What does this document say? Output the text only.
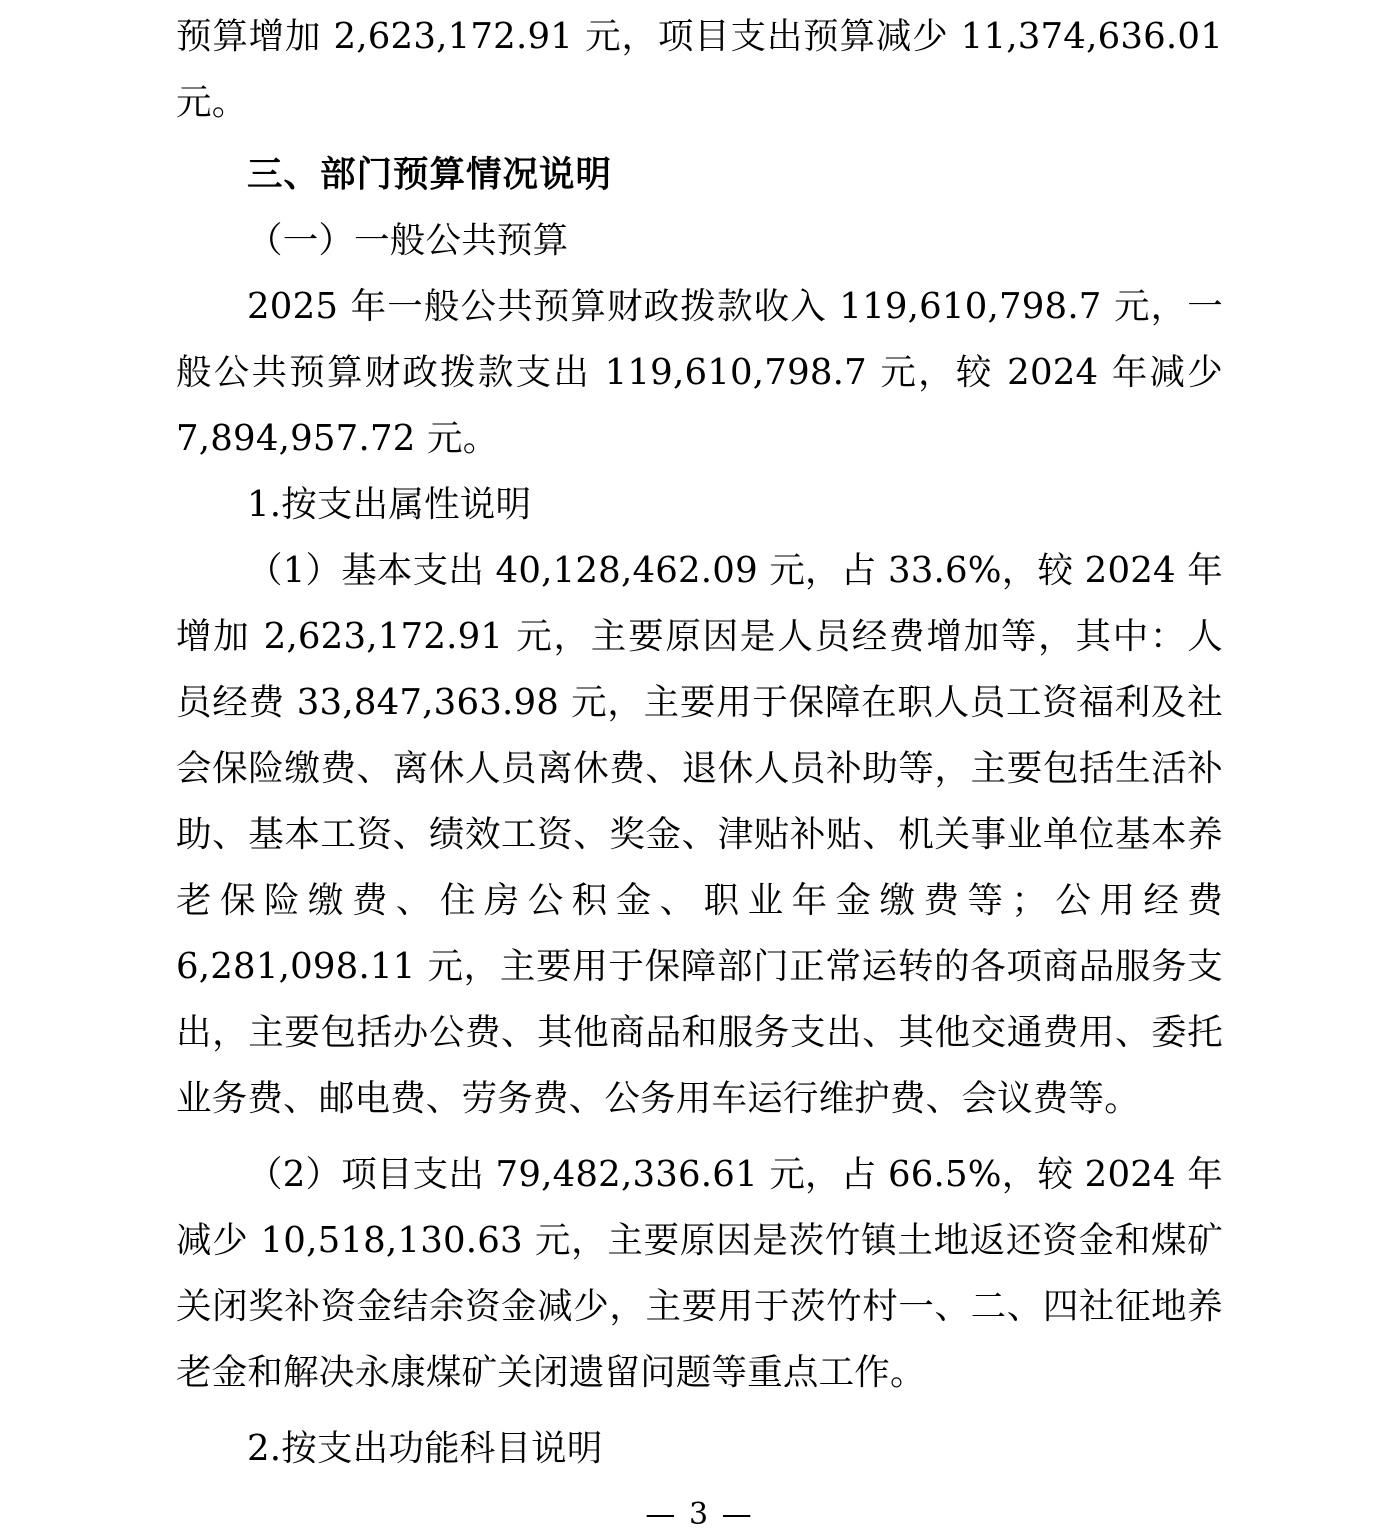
预算增加 2,623,172.91 元，项目支出预算减少 11,374,636.01 元。

三、部门预算情况说明

（一）一般公共预算

2025 年一般公共预算财政拨款收入 119,610,798.7 元，一般公共预算财政拨款支出 119,610,798.7 元，较 2024 年减少 7,894,957.72 元。

1.按支出属性说明

（1）基本支出 40,128,462.09 元，占 33.6%，较 2024 年增加 2,623,172.91 元，主要原因是人员经费增加等，其中：人员经费 33,847,363.98 元，主要用于保障在职人员工资福利及社会保险缴费、离休人员离休费、退休人员补助等，主要包括生活补助、基本工资、绩效工资、奖金、津贴补贴、机关事业单位基本养老保险缴费、住房公积金、职业年金缴费等；公用经费 6,281,098.11 元，主要用于保障部门正常运转的各项商品服务支出，主要包括办公费、其他商品和服务支出、其他交通费用、委托业务费、邮电费、劳务费、公务用车运行维护费、会议费等。

（2）项目支出 79,482,336.61 元，占 66.5%，较 2024 年减少 10,518,130.63 元，主要原因是茨竹镇土地返还资金和煤矿关闭奖补资金结余资金减少，主要用于茨竹村一、二、四社征地养老金和解决永康煤矿关闭遗留问题等重点工作。

2.按支出功能科目说明

— 3 —
